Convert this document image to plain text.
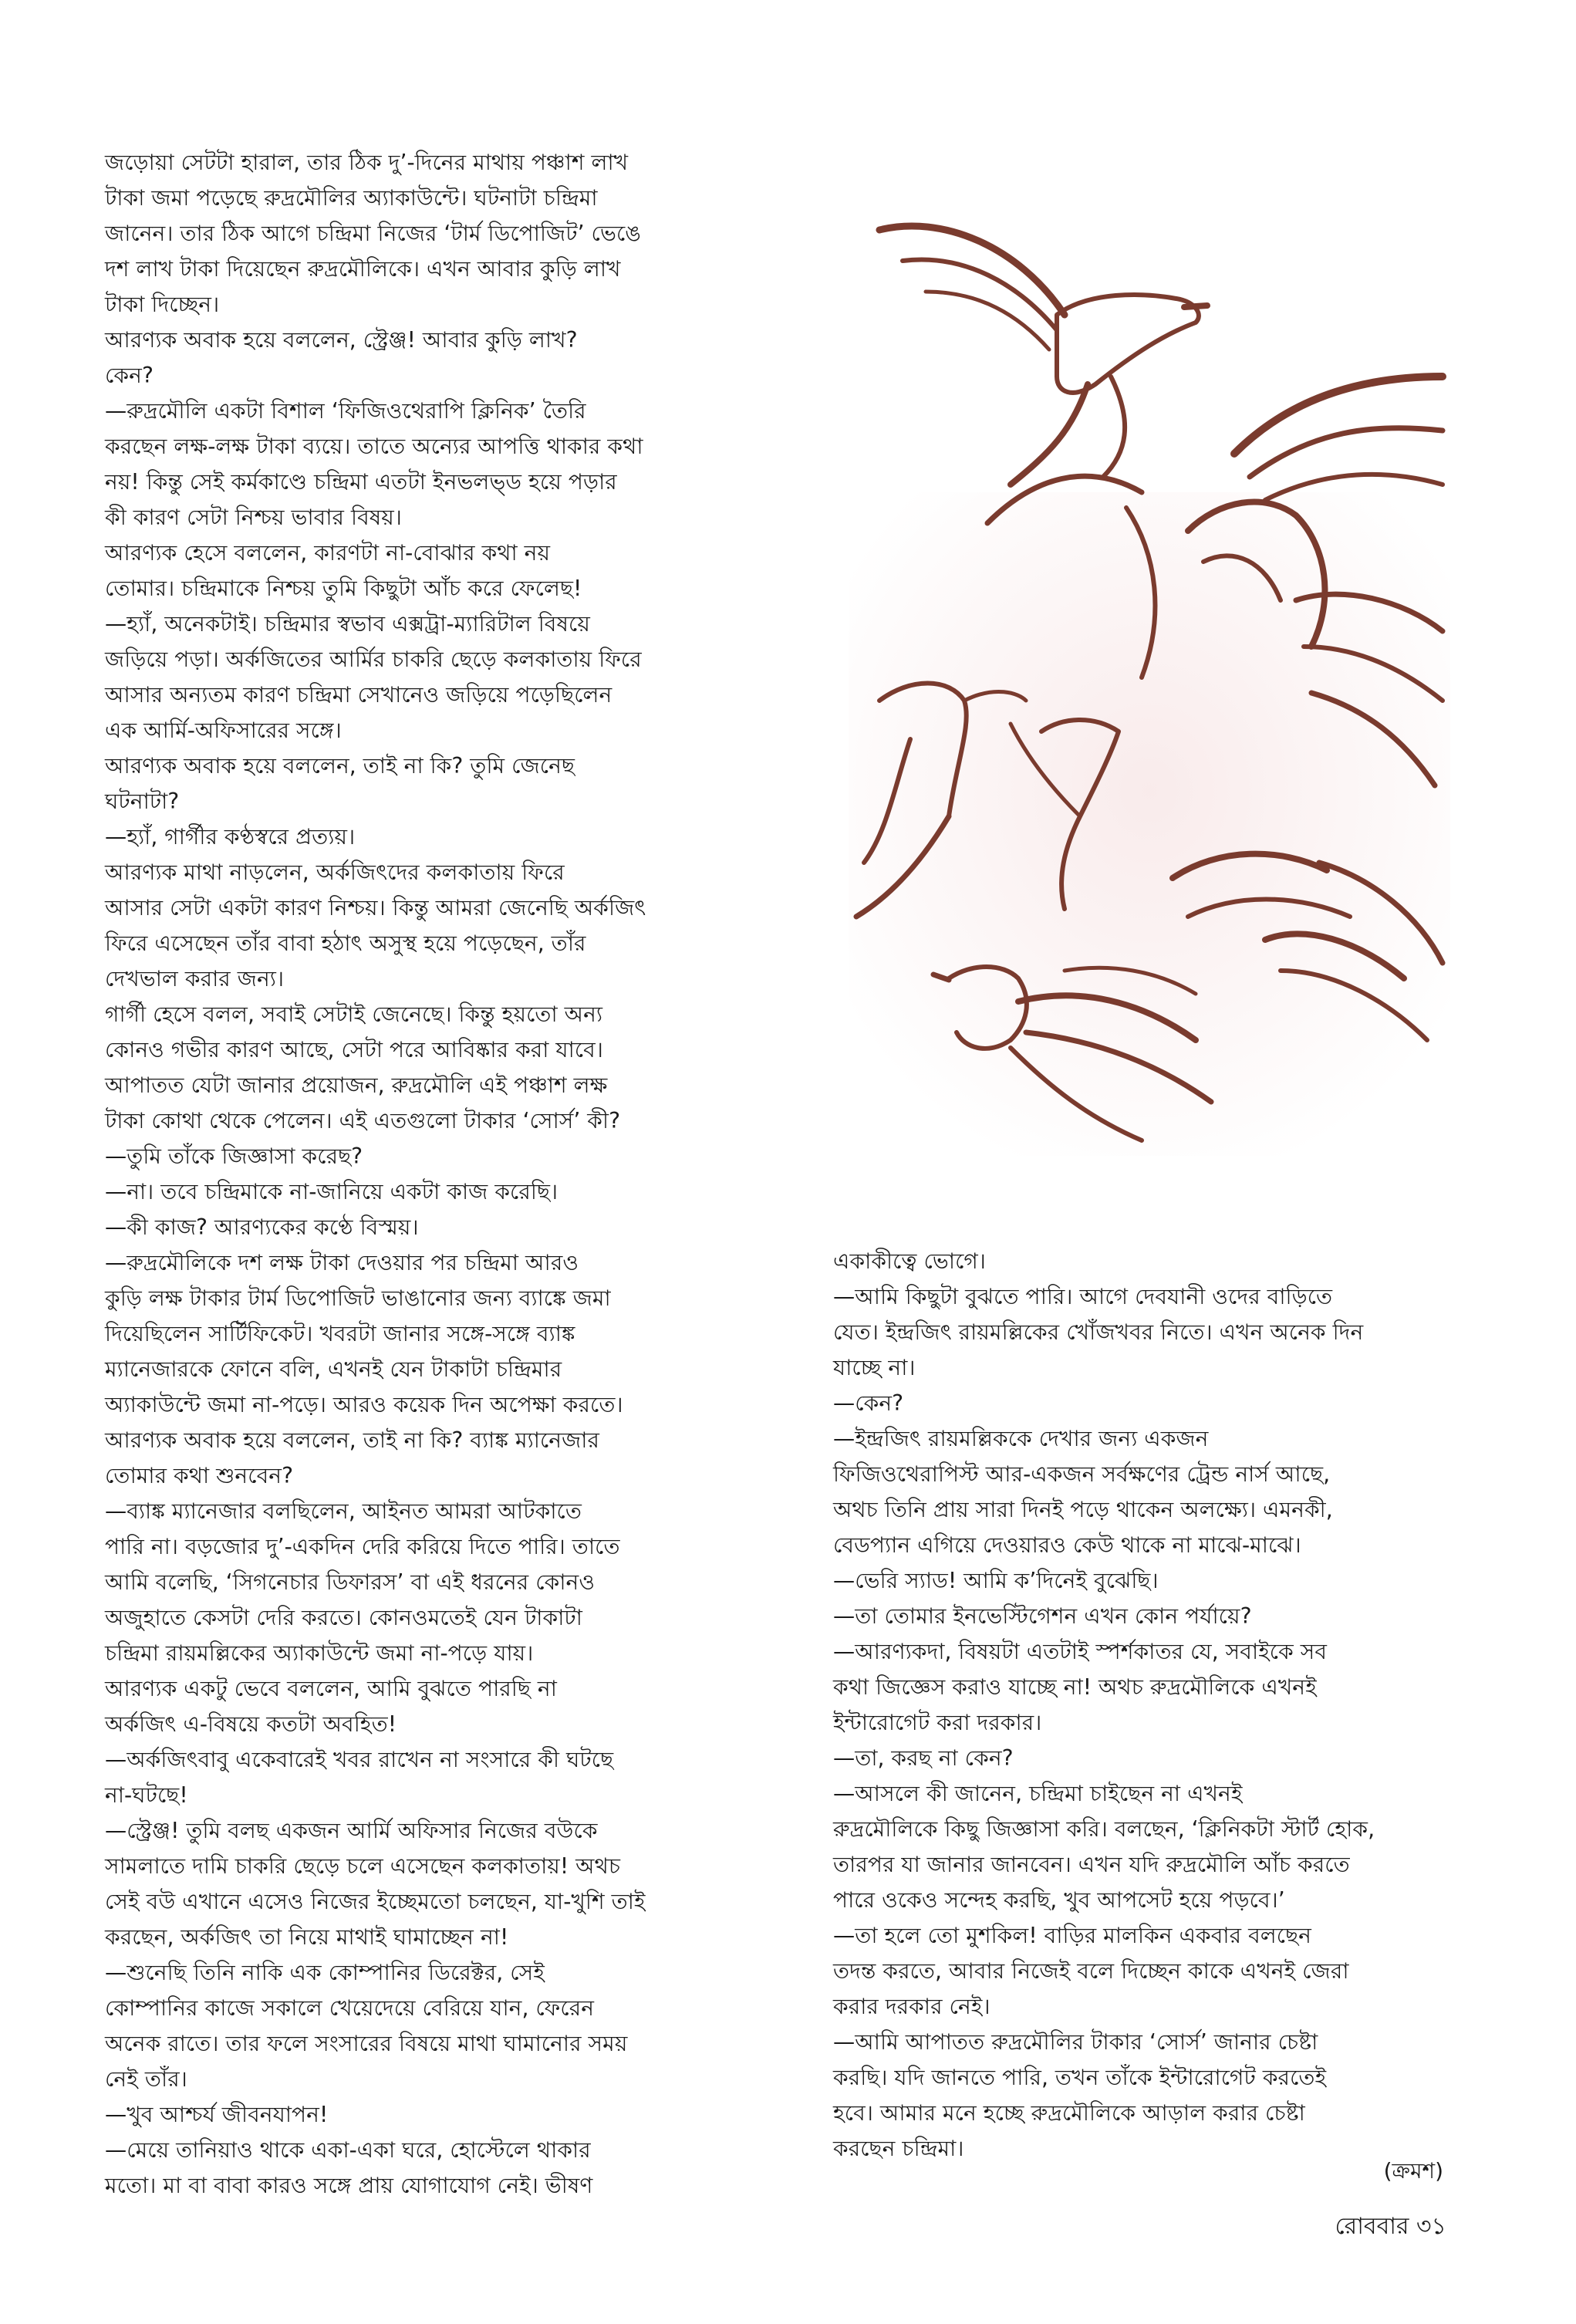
জড়োয়া সেটটা হারাল, তার ঠিক দু’-দিনের মাথায় পঞ্চাশ লাখ

টাকা জমা পড়েছে রুদ্রমৌলির অ্যাকাউন্টে। ঘটনাটা চন্দ্রিমা

জানেন। তার ঠিক আগে চন্দ্রিমা নিজের ‘টার্ম ডিপোজিট’ ভেঙে

দশ লাখ টাকা দিয়েছেন রুদ্রমৌলিকে। এখন আবার কুড়ি লাখ

টাকা দিচ্ছেন।

আরণ্যক অবাক হয়ে বললেন, স্ট্রেঞ্জ! আবার কুড়ি লাখ?

কেন?

—রুদ্রমৌলি একটা বিশাল ‘ফিজিওথেরাপি ক্লিনিক’ তৈরি

করছেন লক্ষ-লক্ষ টাকা ব্যয়ে। তাতে অন্যের আপত্তি থাকার কথা

নয়! কিন্তু সেই কর্মকাণ্ডে চন্দ্রিমা এতটা ইনভলভ্‌ড হয়ে পড়ার

কী কারণ সেটা নিশ্চয় ভাবার বিষয়।

আরণ্যক হেসে বললেন, কারণটা না-বোঝার কথা নয়

তোমার। চন্দ্রিমাকে নিশ্চয় তুমি কিছুটা আঁচ করে ফেলেছ!

—হ্যাঁ, অনেকটাই। চন্দ্রিমার স্বভাব এক্সট্রা-ম্যারিটাল বিষয়ে

জড়িয়ে পড়া। অর্কজিতের আর্মির চাকরি ছেড়ে কলকাতায় ফিরে

আসার অন্যতম কারণ চন্দ্রিমা সেখানেও জড়িয়ে পড়েছিলেন

এক আর্মি-অফিসারের সঙ্গে।

আরণ্যক অবাক হয়ে বললেন, তাই না কি? তুমি জেনেছ

ঘটনাটা?

—হ্যাঁ, গার্গীর কণ্ঠস্বরে প্রত্যয়।

আরণ্যক মাথা নাড়লেন, অর্কজিৎদের কলকাতায় ফিরে

আসার সেটা একটা কারণ নিশ্চয়। কিন্তু আমরা জেনেছি অর্কজিৎ

ফিরে এসেছেন তাঁর বাবা হঠাৎ অসুস্থ হয়ে পড়েছেন, তাঁর

দেখভাল করার জন্য।

গার্গী হেসে বলল, সবাই সেটাই জেনেছে। কিন্তু হয়তো অন্য

কোনও গভীর কারণ আছে, সেটা পরে আবিষ্কার করা যাবে।

আপাতত যেটা জানার প্রয়োজন, রুদ্রমৌলি এই পঞ্চাশ লক্ষ

টাকা কোথা থেকে পেলেন। এই এতগুলো টাকার ‘সোর্স’ কী?

—তুমি তাঁকে জিজ্ঞাসা করেছ?

—না। তবে চন্দ্রিমাকে না-জানিয়ে একটা কাজ করেছি।

—কী কাজ? আরণ্যকের কণ্ঠে বিস্ময়।

—রুদ্রমৌলিকে দশ লক্ষ টাকা দেওয়ার পর চন্দ্রিমা আরও

কুড়ি লক্ষ টাকার টার্ম ডিপোজিট ভাঙানোর জন্য ব্যাঙ্কে জমা

দিয়েছিলেন সার্টিফিকেট। খবরটা জানার সঙ্গে-সঙ্গে ব্যাঙ্ক

ম্যানেজারকে ফোনে বলি, এখনই যেন টাকাটা চন্দ্রিমার

অ্যাকাউন্টে জমা না-পড়ে। আরও কয়েক দিন অপেক্ষা করতে।

আরণ্যক অবাক হয়ে বললেন, তাই না কি? ব্যাঙ্ক ম্যানেজার

তোমার কথা শুনবেন?

—ব্যাঙ্ক ম্যানেজার বলছিলেন, আইনত আমরা আটকাতে

পারি না। বড়জোর দু’-একদিন দেরি করিয়ে দিতে পারি। তাতে

আমি বলেছি, ‘সিগনেচার ডিফারস’ বা এই ধরনের কোনও

অজুহাতে কেসটা দেরি করতে। কোনওমতেই যেন টাকাটা

চন্দ্রিমা রায়মল্লিকের অ্যাকাউন্টে জমা না-পড়ে যায়।

আরণ্যক একটু ভেবে বললেন, আমি বুঝতে পারছি না

অর্কজিৎ এ-বিষয়ে কতটা অবহিত!

—অর্কজিৎবাবু একেবারেই খবর রাখেন না সংসারে কী ঘটছে

না-ঘটছে!

—স্ট্রেঞ্জ! তুমি বলছ একজন আর্মি অফিসার নিজের বউকে

সামলাতে দামি চাকরি ছেড়ে চলে এসেছেন কলকাতায়! অথচ

সেই বউ এখানে এসেও নিজের ইচ্ছেমতো চলছেন, যা-খুশি তাই

করছেন, অর্কজিৎ তা নিয়ে মাথাই ঘামাচ্ছেন না!

—শুনেছি তিনি নাকি এক কোম্পানির ডিরেক্টর, সেই

কোম্পানির কাজে সকালে খেয়েদেয়ে বেরিয়ে যান, ফেরেন

অনেক রাতে। তার ফলে সংসারের বিষয়ে মাথা ঘামানোর সময়

নেই তাঁর।

—খুব আশ্চর্য জীবনযাপন!

—মেয়ে তানিয়াও থাকে একা-একা ঘরে, হোস্টেলে থাকার

মতো। মা বা বাবা কারও সঙ্গে প্রায় যোগাযোগ নেই। ভীষণ

একাকীত্বে ভোগে।

—আমি কিছুটা বুঝতে পারি। আগে দেবযানী ওদের বাড়িতে

যেত। ইন্দ্রজিৎ রায়মল্লিকের খোঁজখবর নিতে। এখন অনেক দিন

যাচ্ছে না।

—কেন?

—ইন্দ্রজিৎ রায়মল্লিককে দেখার জন্য একজন

ফিজিওথেরাপিস্ট আর-একজন সর্বক্ষণের ট্রেন্ড নার্স আছে,

অথচ তিনি প্রায় সারা দিনই পড়ে থাকেন অলক্ষ্যে। এমনকী,

বেডপ্যান এগিয়ে দেওয়ারও কেউ থাকে না মাঝে-মাঝে।

—ভেরি স্যাড! আমি ক’দিনেই বুঝেছি।

—তা তোমার ইনভেস্টিগেশন এখন কোন পর্যায়ে?

—আরণ্যকদা, বিষয়টা এতটাই স্পর্শকাতর যে, সবাইকে সব

কথা জিজ্ঞেস করাও যাচ্ছে না! অথচ রুদ্রমৌলিকে এখনই

ইন্টারোগেট করা দরকার।

—তা, করছ না কেন?

—আসলে কী জানেন, চন্দ্রিমা চাইছেন না এখনই

রুদ্রমৌলিকে কিছু জিজ্ঞাসা করি। বলছেন, ‘ক্লিনিকটা স্টার্ট হোক,

তারপর যা জানার জানবেন। এখন যদি রুদ্রমৌলি আঁচ করতে

পারে ওকেও সন্দেহ করছি, খুব আপসেট হয়ে পড়বে।’

—তা হলে তো মুশকিল! বাড়ির মালকিন একবার বলছেন

তদন্ত করতে, আবার নিজেই বলে দিচ্ছেন কাকে এখনই জেরা

করার দরকার নেই।

—আমি আপাতত রুদ্রমৌলির টাকার ‘সোর্স’ জানার চেষ্টা

করছি। যদি জানতে পারি, তখন তাঁকে ইন্টারোগেট করতেই

হবে। আমার মনে হচ্ছে রুদ্রমৌলিকে আড়াল করার চেষ্টা

করছেন চন্দ্রিমা।

(ক্রমশ)
রোববার ৩১
